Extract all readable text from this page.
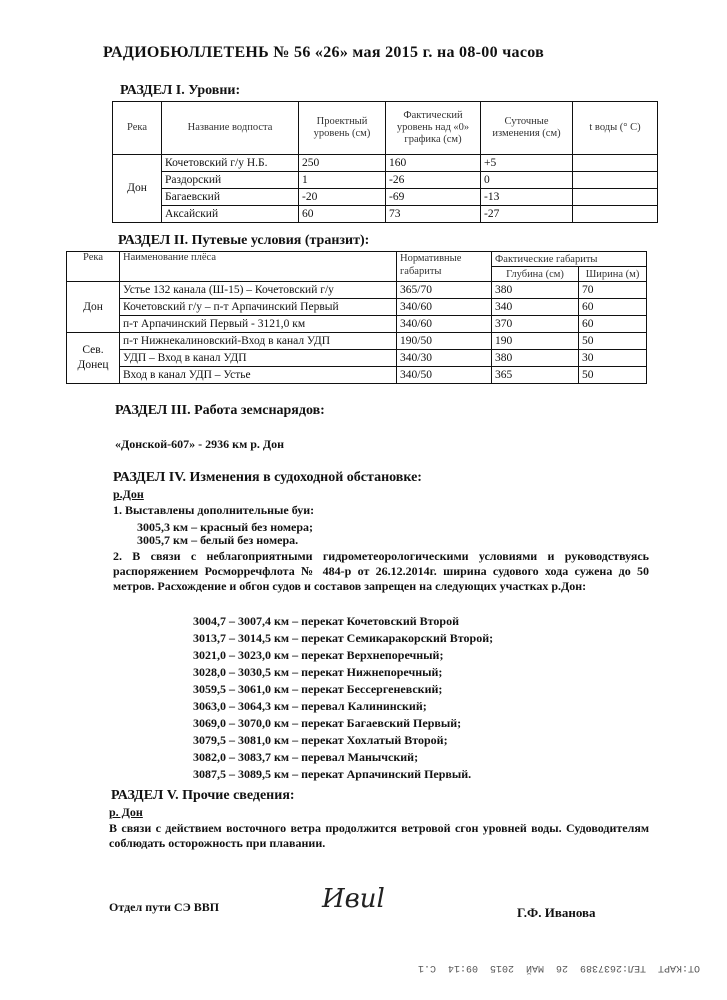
РАДИОБЮЛЛЕТЕНЬ № 56 «26» мая 2015 г. на 08-00 часов
РАЗДЕЛ I. Уровни:
Река	Название водпоста	Проектный уровень (см)	Фактический уровень над «0» графика (см)	Суточные изменения (см)	t воды (° С)
Дон	Кочетовский г/у Н.Б.	250	160	+5	
	Раздорский	1	-26	0	
	Багаевский	-20	-69	-13	
	Аксайский	60	73	-27	
РАЗДЕЛ II. Путевые условия (транзит):
Река	Наименование плёса	Нормативные габариты	Фактические габариты	
			Глубина (см)	Ширина (м)
Дон	Устье 132 канала (Ш-15) – Кочетовский г/у	365/70	380	70
	Кочетовский г/у – п-т Арпачинский Первый	340/60	340	60
	п-т Арпачинский Первый - 3121,0 км	340/60	370	60
Сев. Донец	п-т Нижнекалиновский-Вход в канал УДП	190/50	190	50
	УДП – Вход в канал УДП	340/30	380	30
	Вход в канал УДП – Устье	340/50	365	50
РАЗДЕЛ III. Работа земснарядов:
«Донской-607» - 2936 км р. Дон
РАЗДЕЛ IV. Изменения в судоходной обстановке:
р.Дон
1. Выставлены дополнительные буи:
3005,3 км – красный без номера;
3005,7 км – белый без номера.
2. В связи с неблагоприятными гидрометеорологическими условиями и руководствуясь распоряжением Росморречфлота № 484-р от 26.12.2014г. ширина судового хода сужена до 50 метров. Расхождение и обгон судов и составов запрещен на следующих участках р.Дон:
3004,7 – 3007,4 км – перекат Кочетовский Второй
3013,7 – 3014,5 км – перекат Семикаракорский Второй;
3021,0 – 3023,0 км – перекат Верхнепоречный;
3028,0 – 3030,5 км – перекат Нижнепоречный;
3059,5 – 3061,0 км – перекат Бессергеневский;
3063,0 – 3064,3 км – перевал Калининский;
3069,0 – 3070,0 км – перекат Багаевский Первый;
3079,5 – 3081,0 км – перекат Хохлатый Второй;
3082,0 – 3083,7 км – перевал Манычский;
3087,5 – 3089,5 км – перекат Арпачинский Первый.
РАЗДЕЛ V. Прочие сведения:
р. Дон
В связи с действием восточного ветра продолжится ветровой сгон уровней воды. Судоводителям соблюдать осторожность при плавании.
Отдел пути СЭ ВВП	Ивиl	Г.Ф. Иванова
ОТ:КАРТ ТЕЛ:2637389 26 МАЙ 2015 09:14 С.1
